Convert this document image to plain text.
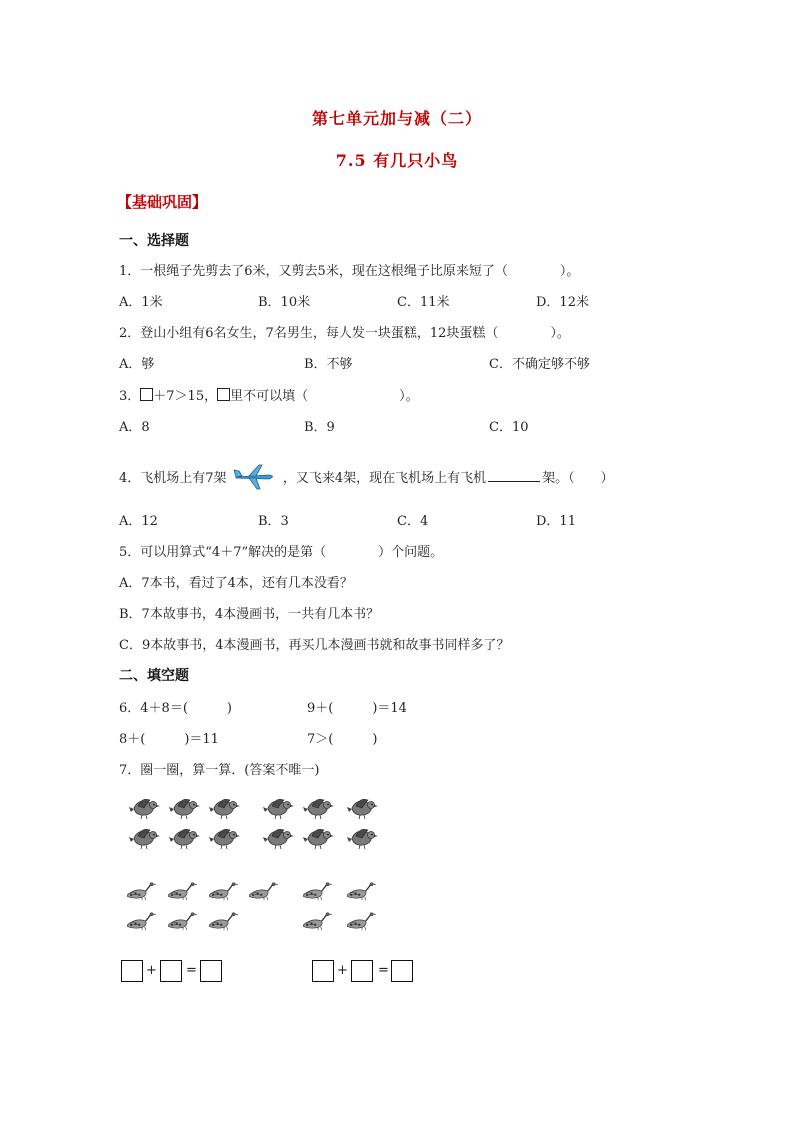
第七单元加与减（二）
7.5 有几只小鸟
【基础巩固】
一、选择题
1．一根绳子先剪去了6米，又剪去5米，现在这根绳子比原来短了（　　　　）。
A．1米	B．10米	C．11米	D．12米
2．登山小组有6名女生，7名男生，每人发一块蛋糕，12块蛋糕（　　　　）。
A．够	B．不够	C．不确定够不够
3． ＋7＞15， 里不可以填（　　　　　　　）。
A．8	B．9	C．10
4．飞机场上有7架	，又飞来4架，现在飞机场上有飞机	架。（　　）
A．12	B．3	C．4	D．11
5．可以用算式“4＋7”解决的是第（　　　　）个问题。
A．7本书，看过了4本，还有几本没看？
B．7本故事书，4本漫画书，一共有几本书？
C．9本故事书，4本漫画书，再买几本漫画书就和故事书同样多了？
二、填空题
6．4＋8＝(　　　)	9＋(　　　)＝14
8＋(　　　)＝11	7＞(　　　)
7．圈一圈，算一算．(答案不唯一)
+ =	+ =
